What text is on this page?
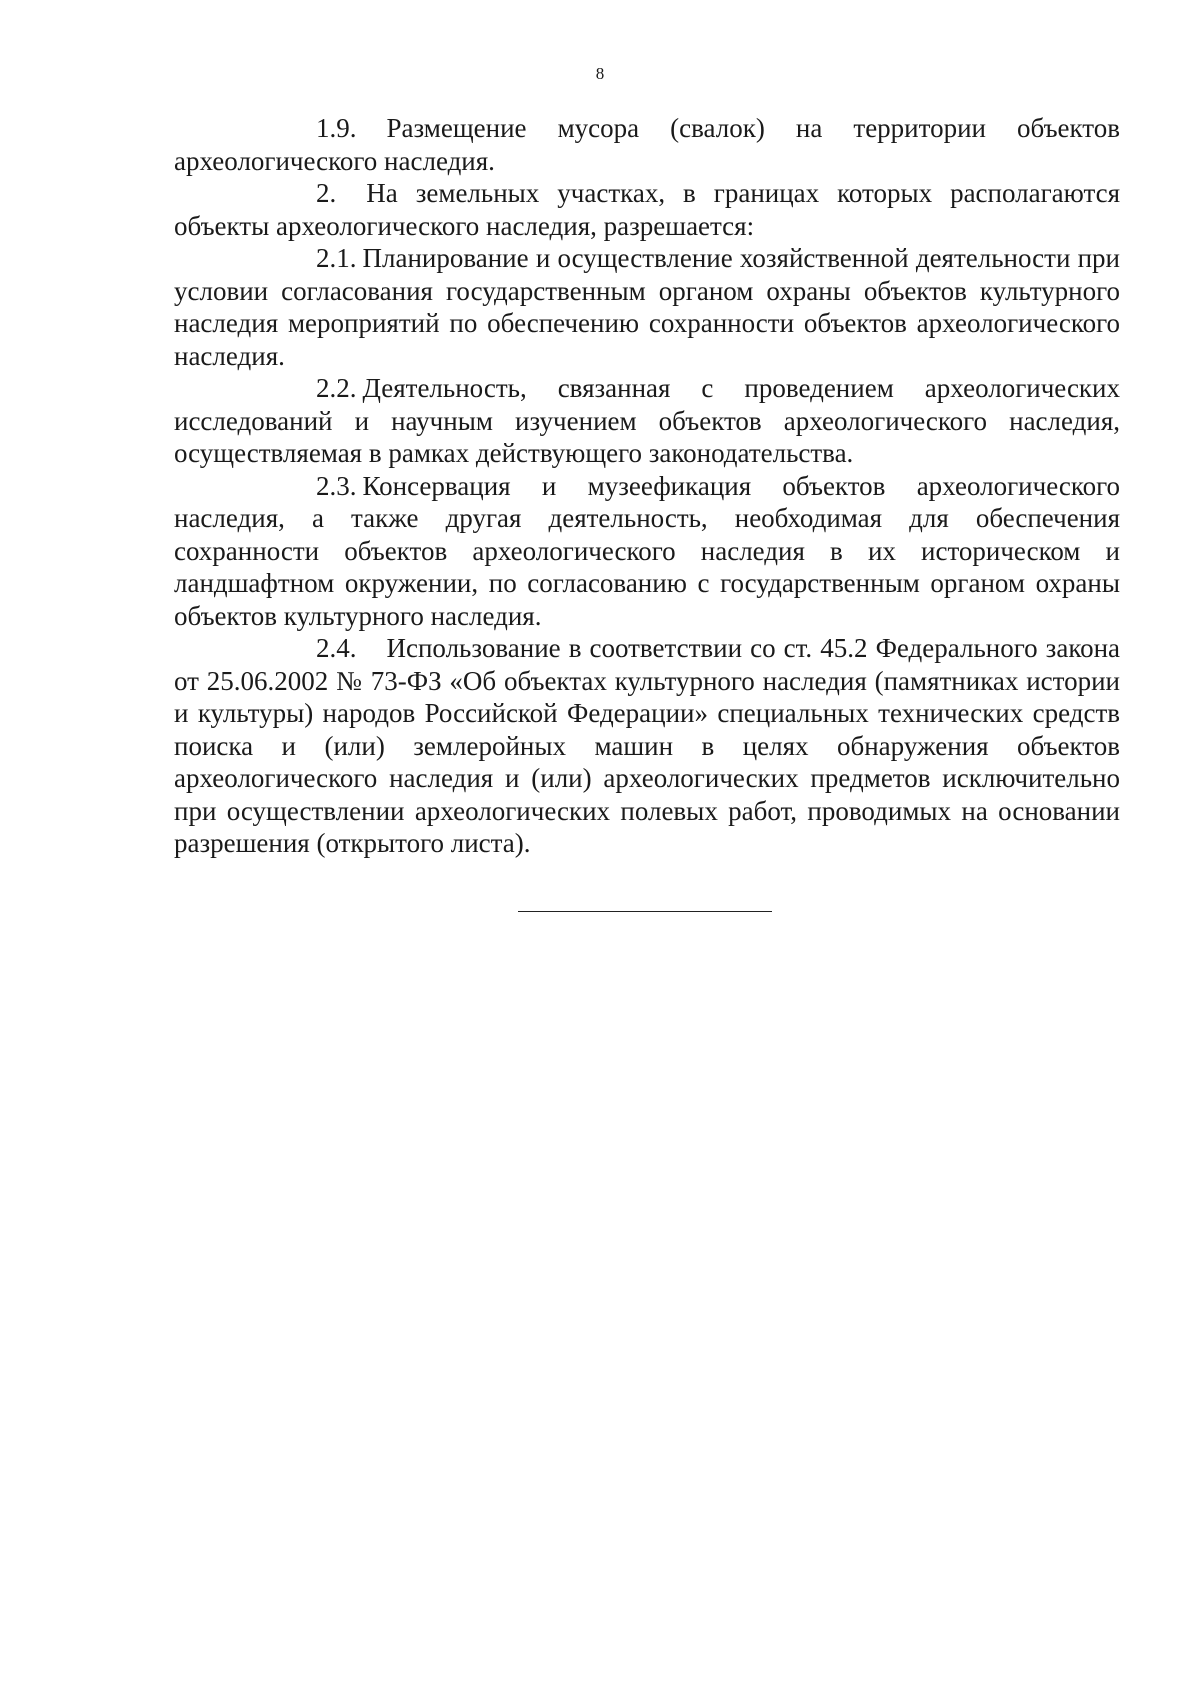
8

1.9. Размещение мусора (свалок) на территории объектов археологического наследия.

2. На земельных участках, в границах которых располагаются объекты археологического наследия, разрешается:

2.1. Планирование и осуществление хозяйственной деятельности при условии согласования государственным органом охраны объектов культурного наследия мероприятий по обеспечению сохранности объектов археологического наследия.

2.2. Деятельность, связанная с проведением археологических исследований и научным изучением объектов археологического наследия, осуществляемая в рамках действующего законодательства.

2.3. Консервация и музеефикация объектов археологического наследия, а также другая деятельность, необходимая для обеспечения сохранности объектов археологического наследия в их историческом и ландшафтном окружении, по согласованию с государственным органом охраны объектов культурного наследия.

2.4. Использование в соответствии со ст. 45.2 Федерального закона от 25.06.2002 № 73-ФЗ «Об объектах культурного наследия (памятниках истории и культуры) народов Российской Федерации» специальных технических средств поиска и (или) землеройных машин в целях обнаружения объектов археологического наследия и (или) археологических предметов исключительно при осуществлении археологических полевых работ, проводимых на основании разрешения (открытого листа).
